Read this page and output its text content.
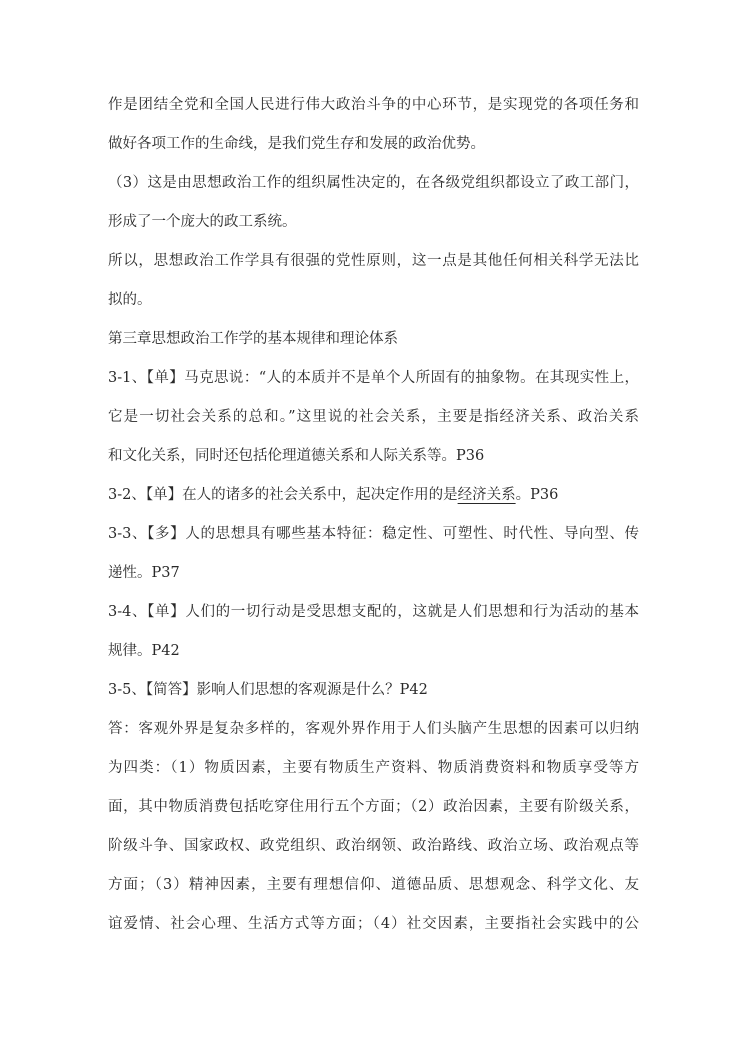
作是团结全党和全国人民进行伟大政治斗争的中心环节，是实现党的各项任务和
做好各项工作的生命线，是我们党生存和发展的政治优势。
（3）这是由思想政治工作的组织属性决定的，在各级党组织都设立了政工部门，
形成了一个庞大的政工系统。
所以，思想政治工作学具有很强的党性原则，这一点是其他任何相关科学无法比
拟的。
第三章思想政治工作学的基本规律和理论体系
3-1、【单】马克思说：“人的本质并不是单个人所固有的抽象物。在其现实性上，
它是一切社会关系的总和。”这里说的社会关系，主要是指经济关系、政治关系
和文化关系，同时还包括伦理道德关系和人际关系等。P36
3-2、【单】在人的诸多的社会关系中，起决定作用的是经济关系。P36
3-3、【多】人的思想具有哪些基本特征：稳定性、可塑性、时代性、导向型、传
递性。P37
3-4、【单】人们的一切行动是受思想支配的，这就是人们思想和行为活动的基本
规律。P42
3-5、【简答】影响人们思想的客观源是什么？P42
答：客观外界是复杂多样的，客观外界作用于人们头脑产生思想的因素可以归纳
为四类：（1）物质因素，主要有物质生产资料、物质消费资料和物质享受等方
面，其中物质消费包括吃穿住用行五个方面；（2）政治因素，主要有阶级关系，
阶级斗争、国家政权、政党组织、政治纲领、政治路线、政治立场、政治观点等
方面；（3）精神因素，主要有理想信仰、道德品质、思想观念、科学文化、友
谊爱情、社会心理、生活方式等方面；（4）社交因素，主要指社会实践中的公
